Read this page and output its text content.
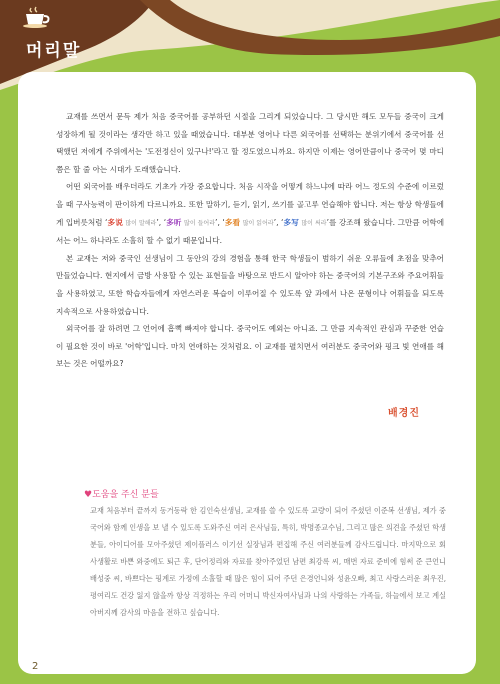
머리말

교재를 쓰면서 문득 제가 처음 중국어를 공부하던 시절을 그리게 되었습니다. 그 당시만 해도 모두들 중국이 크게 성장하게 될 것이라는 생각만 하고 있을 때였습니다. 대부분 영어나 다른 외국어를 선택하는 분위기에서 중국어를 선택했던 저에게 주위에서는 '도전정신이 있구나!'라고 할 정도였으니까요. 하지만 이제는 영어만큼이나 중국어 몇 마디쯤은 할 줄 아는 시대가 도래했습니다.

어떤 외국어를 배우더라도 기초가 가장 중요합니다. 처음 시작을 어떻게 하느냐에 따라 어느 정도의 수준에 이르렀을 때 구사능력이 판이하게 다르니까요. 또한 말하기, 듣기, 읽기, 쓰기를 골고루 연습해야 합니다. 저는 항상 학생들에게 입버릇처럼 ‘多说 많이 말해라’, ‘多听 많이 들어라’, ‘多看 많이 읽어라’, ‘多写 많이 써라’를 강조해 왔습니다. 그만큼 어학에서는 어느 하나라도 소홀히 할 수 없기 때문입니다.

본 교재는 저와 중국인 선생님이 그 동안의 강의 경험을 통해 한국 학생들이 범하기 쉬운 오류들에 초점을 맞추어 만들었습니다. 현지에서 금방 사용할 수 있는 표현들을 바탕으로 반드시 알아야 하는 중국어의 기본구조와 주요어휘들을 사용하였고, 또한 학습자들에게 자연스러운 복습이 이루어질 수 있도록 앞 과에서 나온 문형이나 어휘들을 되도록 지속적으로 사용하였습니다.

외국어를 잘 하려면 그 언어에 흠뻑 빠져야 합니다. 중국어도 예외는 아니죠. 그 만큼 지속적인 관심과 꾸준한 연습이 필요한 것이 바로 '어학'입니다. 마치 연애하는 것처럼요. 이 교재를 펼치면서 여러분도 중국어와 핑크 빛 연애를 해 보는 것은 어떨까요?

배경진
♥도움을 주신 분들
교재 처음부터 끝까지 동거동락 한 김인숙선생님, 교재를 쓸 수 있도록 교량이 되어 주셨던 이준복 선생님, 제가 중국어와 함께 인생을 보 낼 수 있도록 도와주신 여러 은사님들, 특히, 박명종교수님, 그리고 많은 의견을 주셨던 학생분들, 아이디어를 모아주셨던 제이플러스 이기선 실장님과 편집해 주신 여러분들께 감사드립니다. 마지막으로 회사생활로 바쁜 와중에도 퇴근 후, 단어정리와 자료를 찾아주었던 남편 최강록 씨, 매번 자료 준비에 힘써 준 큰언니 배성중 씨, 바쁘다는 핑계로 가정에 소홀할 때 많은 힘이 되어 주던 은경언니와 성윤오빠, 최고 사랑스러운 최우진, 평여리도 건강 잃지 않을까 항상 걱정하는 우리 어머니 박신자여사님과 나의 사랑하는 가족들, 하늘에서 보고 계실 아버지께 감사의 마음을 전하고 싶습니다.
2
